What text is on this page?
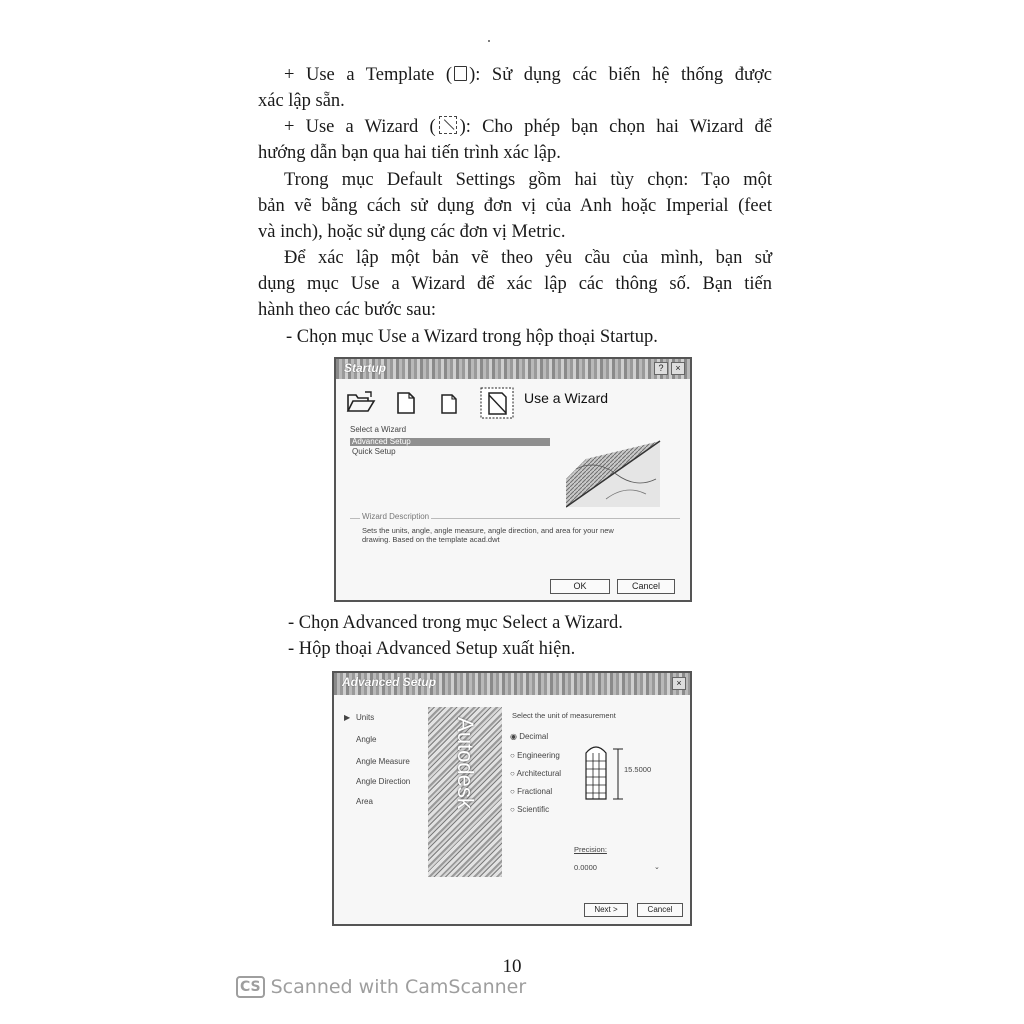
+ Use a Template ( ): Sử dụng các biến hệ thống được
xác lập sẵn.
+ Use a Wizard ( ): Cho phép bạn chọn hai Wizard để
hướng dẫn bạn qua hai tiến trình xác lập.
Trong mục Default Settings gồm hai tùy chọn: Tạo một
bản vẽ bằng cách sử dụng đơn vị của Anh hoặc Imperial (feet
và inch), hoặc sử dụng các đơn vị Metric.
Để xác lập một bản vẽ theo yêu cầu của mình, bạn sử
dụng mục Use a Wizard để xác lập các thông số. Bạn tiến
hành theo các bước sau:
- Chọn mục Use a Wizard trong hộp thoại Startup.
Startup	?	×
Use a Wizard
Select a Wizard
Advanced Setup
Quick Setup
Wizard Description
Sets the units, angle, angle measure, angle direction, and area for your new
drawing. Based on the template acad.dwt
OK	Cancel
- Chọn Advanced trong mục Select a Wizard.
- Hộp thoại Advanced Setup xuất hiện.
Advanced Setup	×
▶ Units
Angle
Angle Measure
Angle Direction
Area	Autodesk
Select the unit of measurement
◉ Decimal
○ Engineering
○ Architectural
○ Fractional
○ Scientific
15.5000
Precision:
0.0000	⌄
Next >	Cancel
10
CS Scanned with CamScanner
